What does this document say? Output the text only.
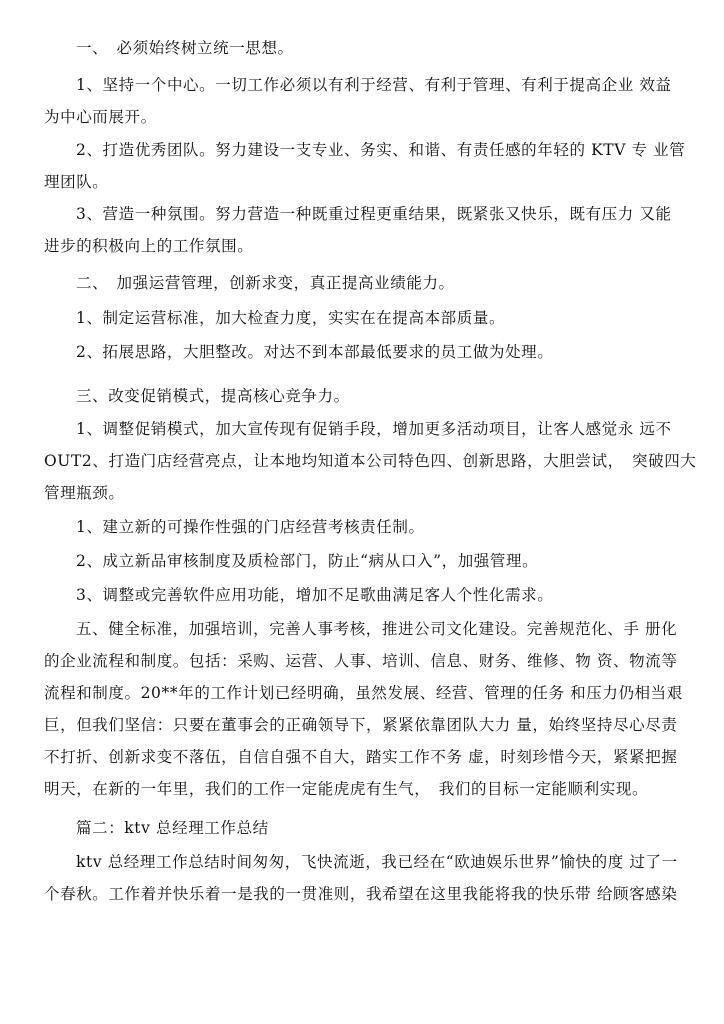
一、　必须始终树立统一思想。

1、坚持一个中心。一切工作必须以有利于经营、有利于管理、有利于提高企业 效益
为中心而展开。

2、打造优秀团队。努力建设一支专业、务实、和谐、有责任感的年轻的 KTV 专 业管
理团队。

3、营造一种氛围。努力营造一种既重过程更重结果，既紧张又快乐，既有压力 又能
进步的积极向上的工作氛围。

二、　加强运营管理，创新求变，真正提高业绩能力。

1、制定运营标准，加大检查力度，实实在在提高本部质量。

2、拓展思路，大胆整改。对达不到本部最低要求的员工做为处理。

三、改变促销模式，提高核心竞争力。

1、调整促销模式，加大宣传现有促销手段，增加更多活动项目，让客人感觉永 远不
OUT2、打造门店经营亮点，让本地均知道本公司特色四、创新思路，大胆尝试，　突破四大
管理瓶颈。

1、建立新的可操作性强的门店经营考核责任制。

2、成立新品审核制度及质检部门，防止“病从口入”，加强管理。

3、调整或完善软件应用功能，增加不足歌曲满足客人个性化需求。

五、健全标准，加强培训，完善人事考核，推进公司文化建设。完善规范化、手 册化
的企业流程和制度。包括：采购、运营、人事、培训、信息、财务、维修、物 资、物流等
流程和制度。20**年的工作计划已经明确，虽然发展、经营、管理的任务 和压力仍相当艰
巨，但我们坚信：只要在董事会的正确领导下，紧紧依靠团队大力 量，始终坚持尽心尽责
不打折、创新求变不落伍，自信自强不自大，踏实工作不务 虚，时刻珍惜今天，紧紧把握
明天，在新的一年里，我们的工作一定能虎虎有生气，　我们的目标一定能顺利实现。

篇二：ktv 总经理工作总结

ktv 总经理工作总结时间匆匆，飞快流逝，我已经在“欧迪娱乐世界”愉快的度 过了一
个春秋。工作着并快乐着一是我的一贯准则，我希望在这里我能将我的快乐带 给顾客感染
